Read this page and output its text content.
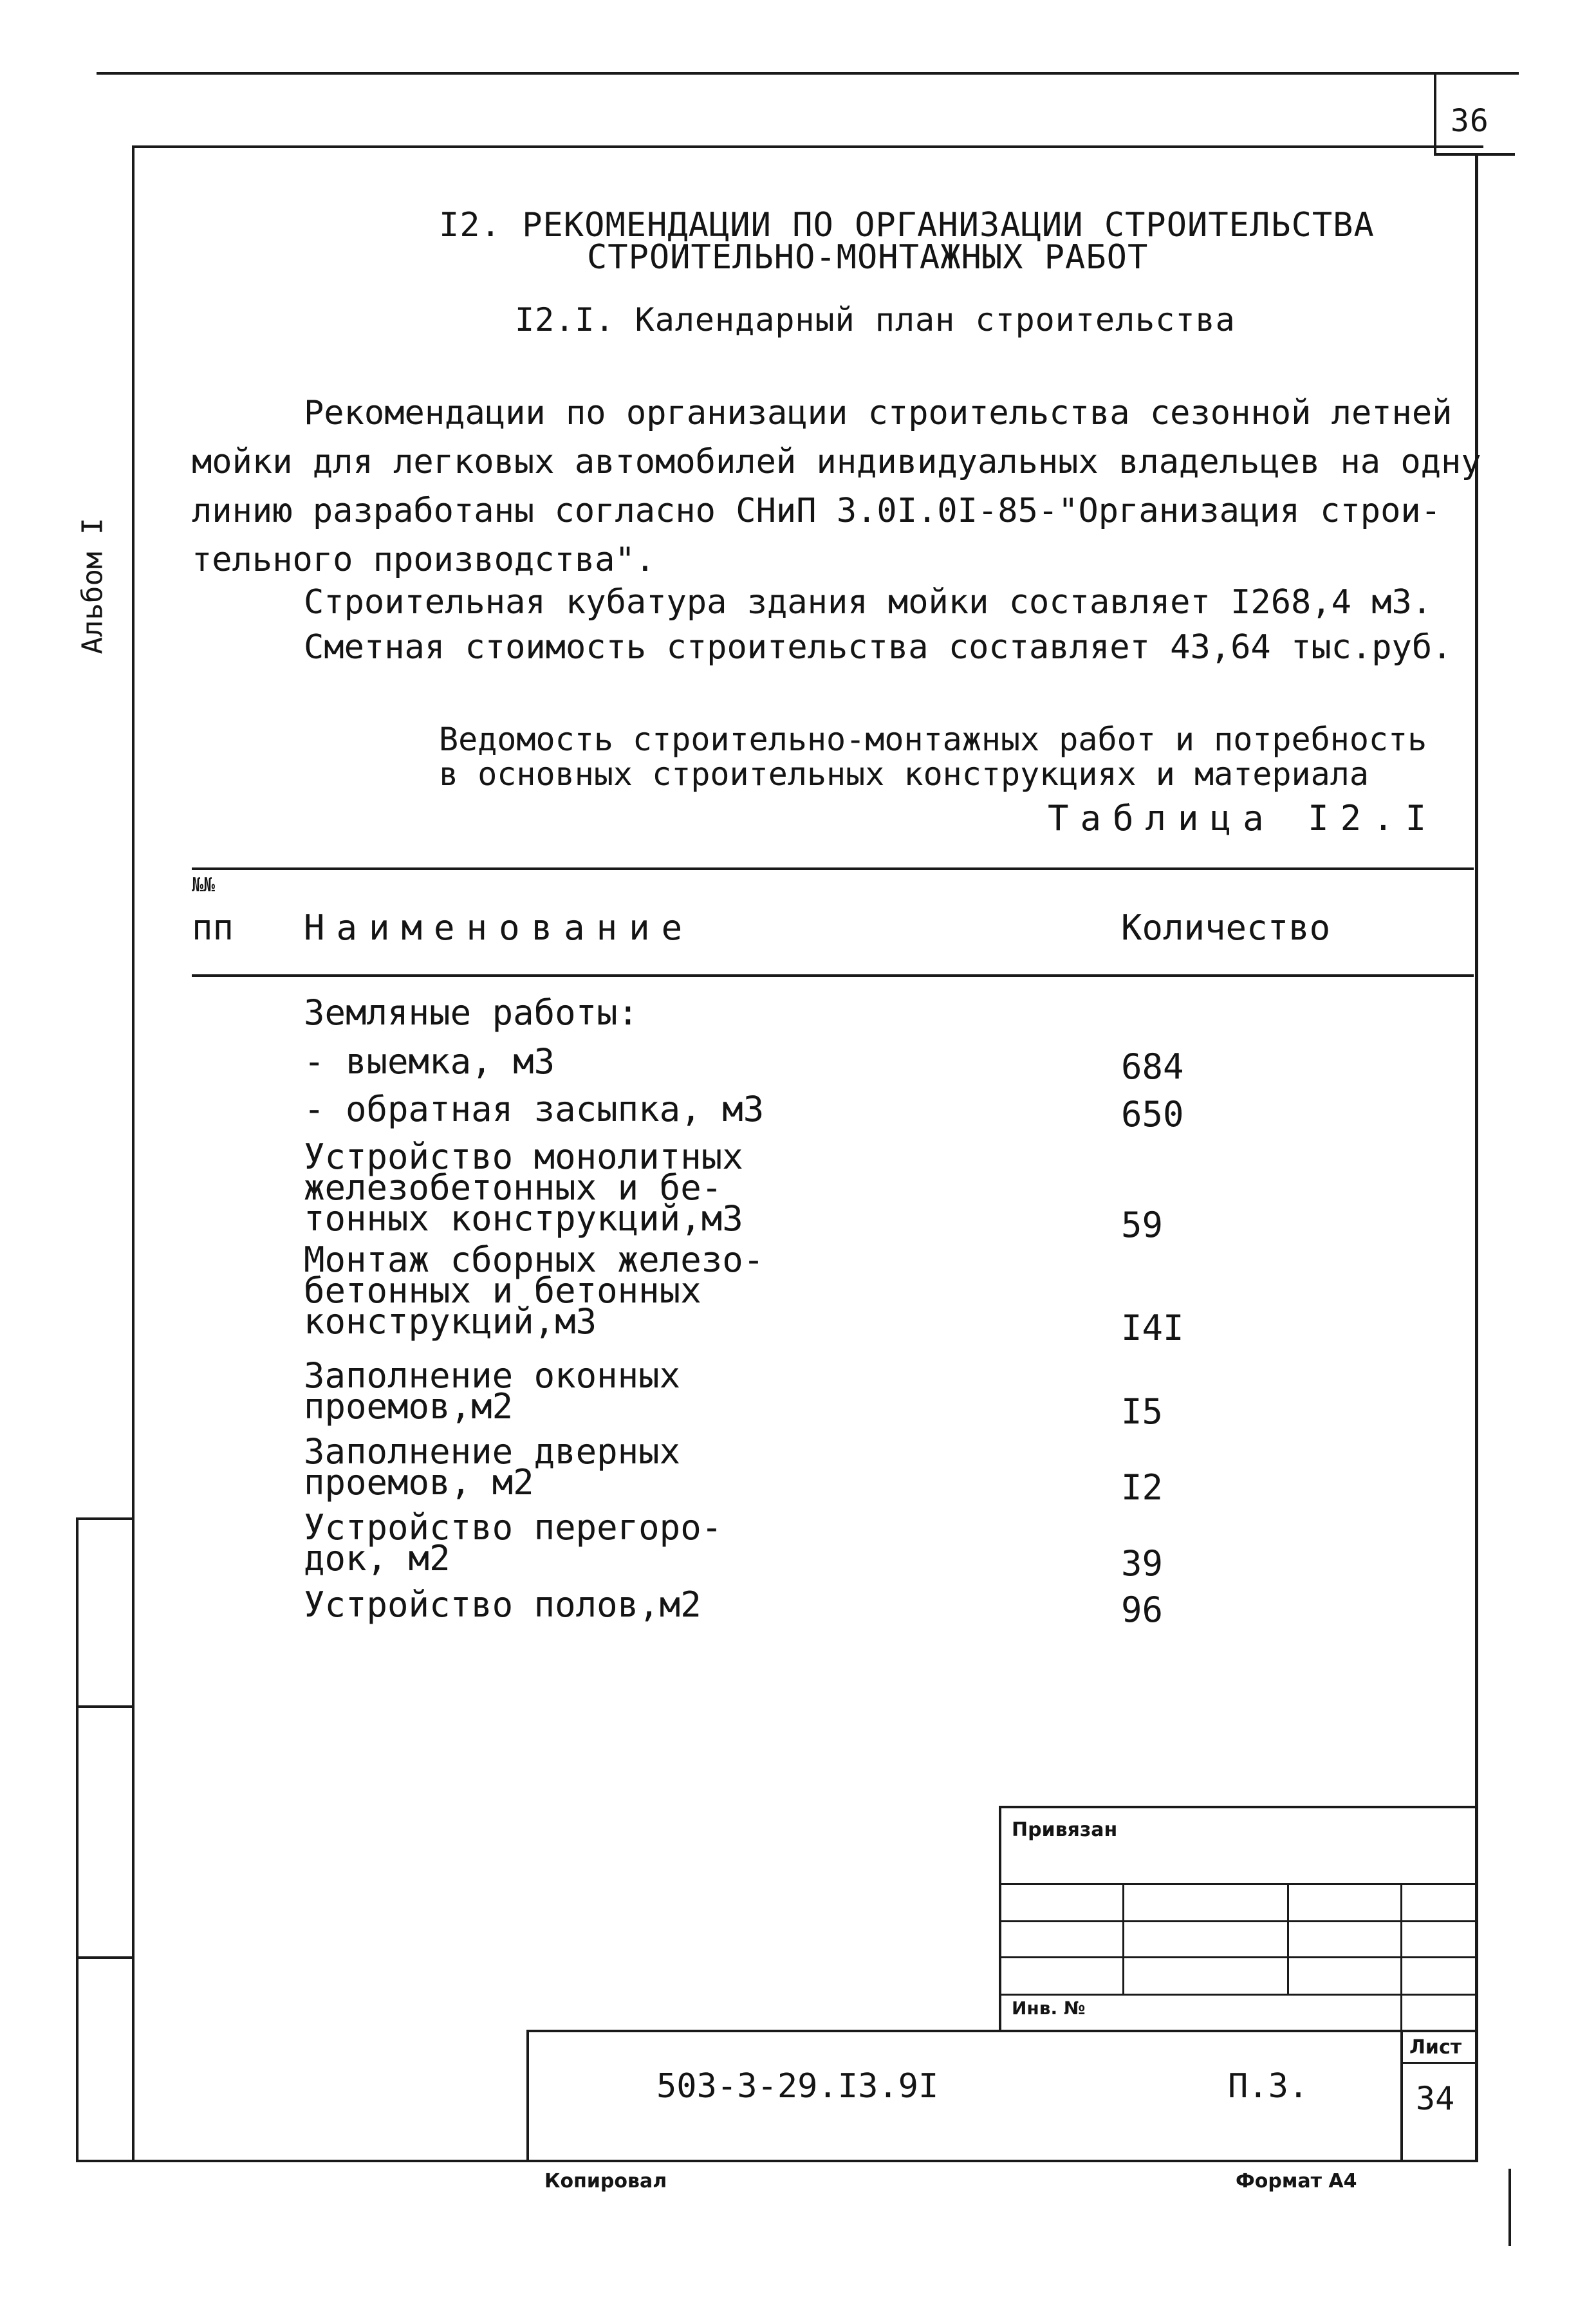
36
Альбом I
I2. РЕКОМЕНДАЦИИ ПО ОРГАНИЗАЦИИ СТРОИТЕЛЬСТВА
СТРОИТЕЛЬНО-МОНТАЖНЫХ РАБОТ
I2.I. Календарный план строительства
Рекомендации по организации строительства сезонной летней
мойки для легковых автомобилей индивидуальных владельцев на одну
линию разработаны согласно СНиП 3.0I.0I-85-"Организация строи-
тельного производства".
Строительная кубатура здания мойки составляет I268,4 м3.
Сметная стоимость строительства составляет 43,64 тыс.руб.
Ведомость строительно-монтажных работ и потребность
в основных строительных конструкциях и материала
Таблица I2.I
№№
пп Наименование	Количество
Земляные работы:
- выемка, м3	684
- обратная засыпка, м3	650
Устройство монолитных
железобетонных и бе-
тонных конструкций,м3	59
Монтаж сборных железо-
бетонных и бетонных
конструкций,м3	I4I
Заполнение оконных
проемов,м2	I5
Заполнение дверных
проемов, м2	I2
Устройство перегоро-
док, м2	39
Устройство полов,м2	96
Привязан
Инв. №
503-3-29.I3.9I	П.З.
Лист
34
Копировал	Формат А4
